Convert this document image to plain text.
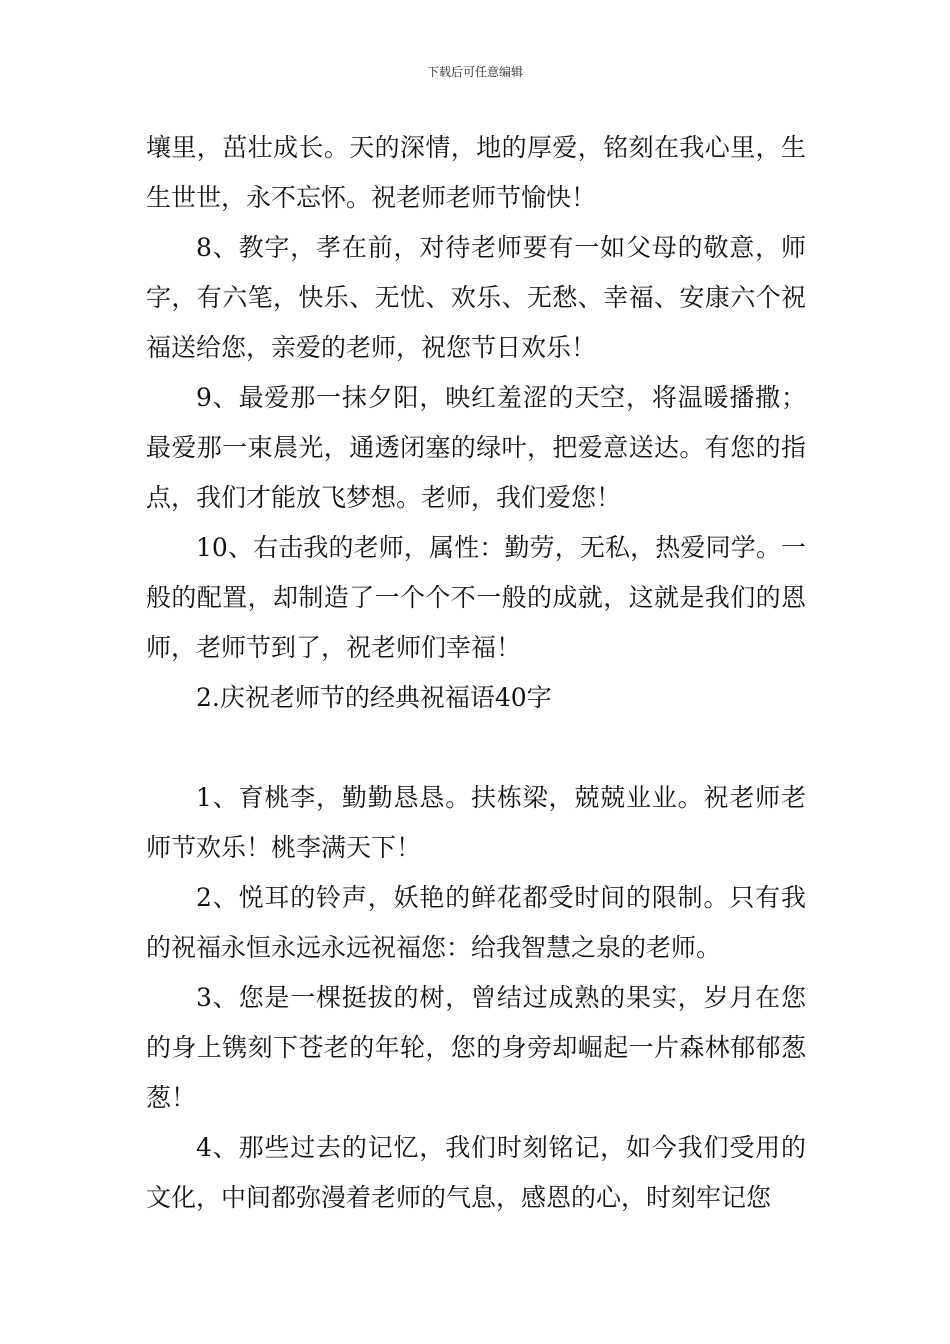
下载后可任意编辑

壤里，茁壮成长。天的深情，地的厚爱，铭刻在我心里，生生世世，永不忘怀。祝老师老师节愉快！

8、教字，孝在前，对待老师要有一如父母的敬意，师字，有六笔，快乐、无忧、欢乐、无愁、幸福、安康六个祝福送给您，亲爱的老师，祝您节日欢乐！

9、最爱那一抹夕阳，映红羞涩的天空，将温暖播撒；最爱那一束晨光，通透闭塞的绿叶，把爱意送达。有您的指点，我们才能放飞梦想。老师，我们爱您！

10、右击我的老师，属性：勤劳，无私，热爱同学。一般的配置，却制造了一个个不一般的成就，这就是我们的恩师，老师节到了，祝老师们幸福！

2.庆祝老师节的经典祝福语40字

1、育桃李，勤勤恳恳。扶栋梁，兢兢业业。祝老师老师节欢乐！桃李满天下！

2、悦耳的铃声，妖艳的鲜花都受时间的限制。只有我的祝福永恒永远永远祝福您：给我智慧之泉的老师。

3、您是一棵挺拔的树，曾结过成熟的果实，岁月在您的身上镌刻下苍老的年轮，您的身旁却崛起一片森林郁郁葱葱！

4、那些过去的记忆，我们时刻铭记，如今我们受用的文化，中间都弥漫着老师的气息，感恩的心，时刻牢记您
